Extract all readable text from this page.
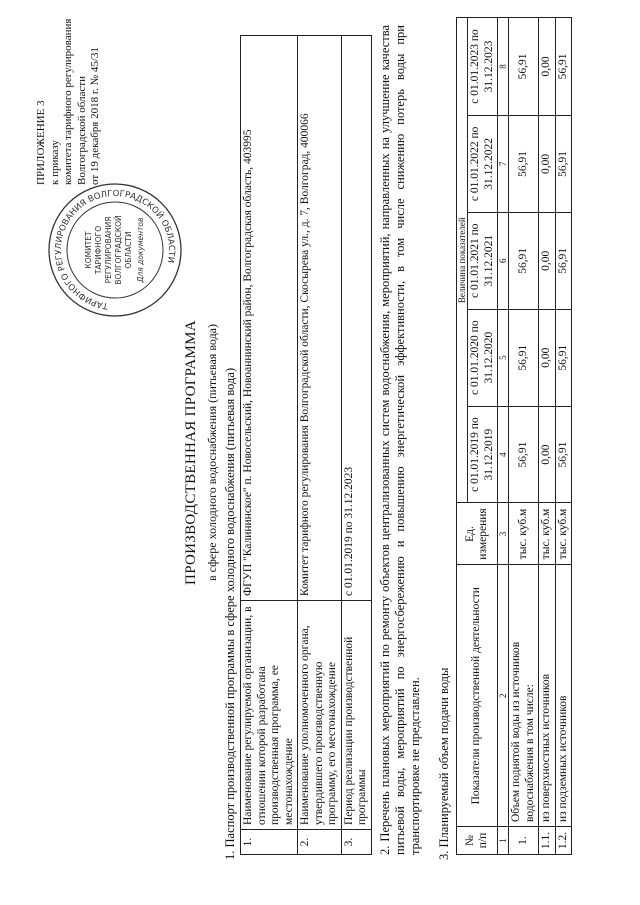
ТАРИФНОГО РЕГУЛИРОВАНИЯ ВОЛГОГРАДСКОЙ ОБЛАСТИ
КОМИТЕТ ТАРИФНОГО РЕГУЛИРОВАНИЯ ВОЛГОГРАДСКОЙ ОБЛАСТИ Для документов
ПРИЛОЖЕНИЕ 3 к приказу комитета тарифного регулирования Волгоградской области от 19 декабря 2018 г. № 45/31
ПРОИЗВОДСТВЕННАЯ ПРОГРАММА в сфере холодного водоснабжения (питьевая вода) 1. Паспорт производственной программы в сфере холодного водоснабжения (питьевая вода) 1.	Наименование регулируемой организации, в отношении которой разработана производственная программа, ее местонахождение	ФГУП "Калининское" п. Новосельский, Новоаннинский район, Волгоградская область, 403995
2.	Наименование уполномоченного органа, утвердившего производственную программу, его местонахождение	Комитет тарифного регулирования Волгоградской области, Скосырева ул., д. 7, Волгоград, 400066
3.	Период реализации производственной программы	с 01.01.2019 по 31.12.2023 2. Перечень плановых мероприятий по ремонту объектов централизованных систем водоснабжения, мероприятий, направленных на улучшение качества питьевой воды, мероприятий по энергосбережению и повышению энергетической эффективности, в том числе снижению потерь воды при транспортировке не представлен. 3. Планируемый объем подачи воды № п/п	Показатели производственной деятельности	Ед. измерения	Величина показателей				
			с 01.01.2019 по 31.12.2019	с 01.01.2020 по 31.12.2020	с 01.01.2021 по 31.12.2021	с 01.01.2022 по 31.12.2022	с 01.01.2023 по 31.12.2023
1	2	3	4	5	6	7	8
1.	Объем поднятой воды из источников водоснабжения в том числе:	тыс. куб.м	56,91	56,91	56,91	56,91	56,91
1.1.	из поверхностных источников	тыс. куб.м	0,00	0,00	0,00	0,00	0,00
1.2.	из подземных источников	тыс. куб.м	56,91	56,91	56,91	56,91	56,91
